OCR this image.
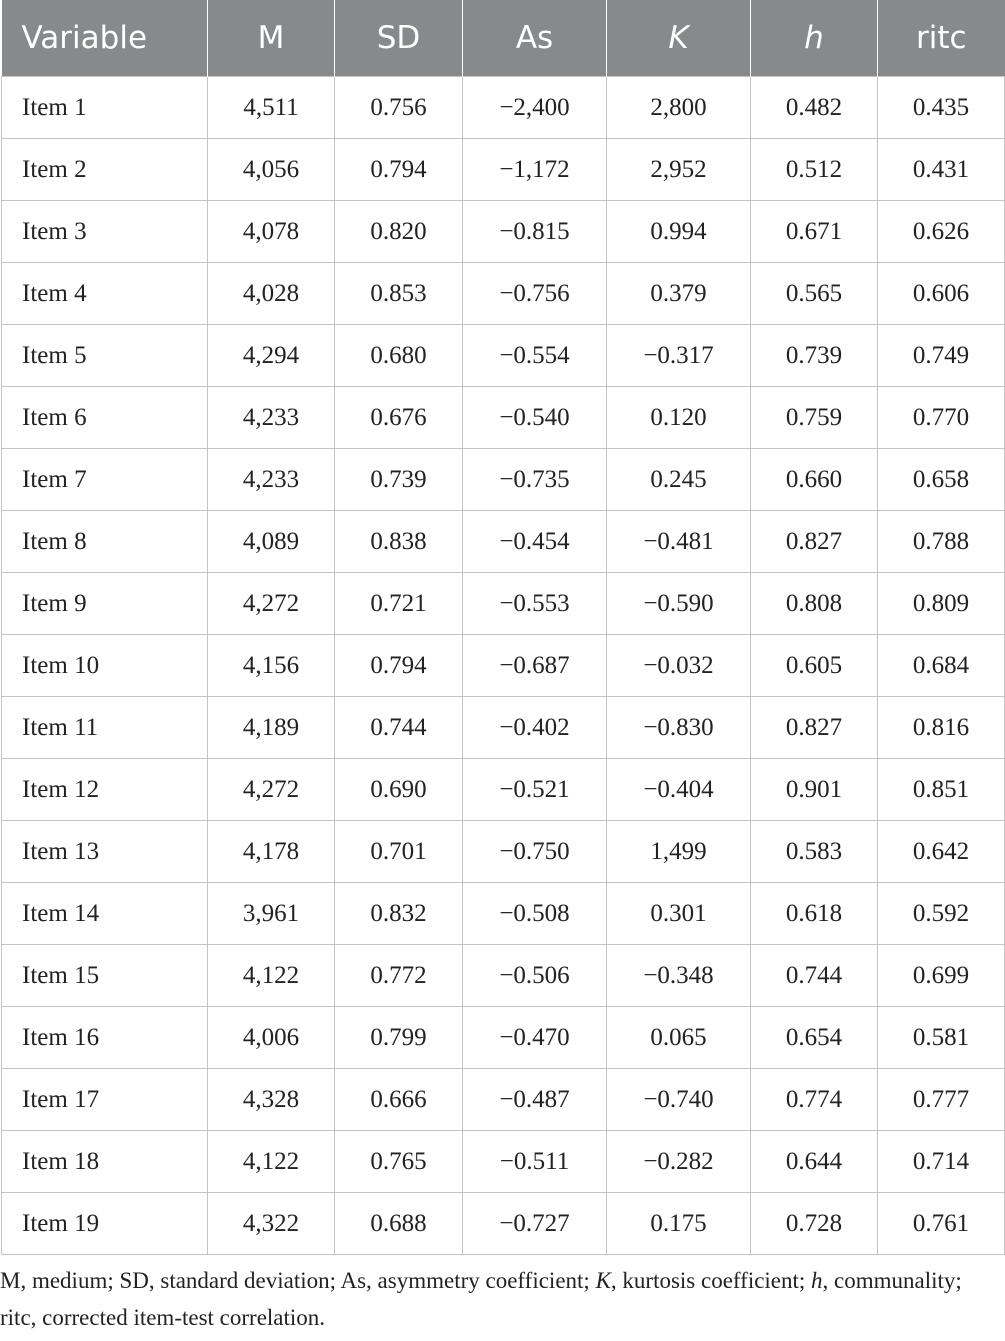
Variable	M	SD	As	K	h	ritc
Item 1	4,511	0.756	−2,400	2,800	0.482	0.435
Item 2	4,056	0.794	−1,172	2,952	0.512	0.431
Item 3	4,078	0.820	−0.815	0.994	0.671	0.626
Item 4	4,028	0.853	−0.756	0.379	0.565	0.606
Item 5	4,294	0.680	−0.554	−0.317	0.739	0.749
Item 6	4,233	0.676	−0.540	0.120	0.759	0.770
Item 7	4,233	0.739	−0.735	0.245	0.660	0.658
Item 8	4,089	0.838	−0.454	−0.481	0.827	0.788
Item 9	4,272	0.721	−0.553	−0.590	0.808	0.809
Item 10	4,156	0.794	−0.687	−0.032	0.605	0.684
Item 11	4,189	0.744	−0.402	−0.830	0.827	0.816
Item 12	4,272	0.690	−0.521	−0.404	0.901	0.851
Item 13	4,178	0.701	−0.750	1,499	0.583	0.642
Item 14	3,961	0.832	−0.508	0.301	0.618	0.592
Item 15	4,122	0.772	−0.506	−0.348	0.744	0.699
Item 16	4,006	0.799	−0.470	0.065	0.654	0.581
Item 17	4,328	0.666	−0.487	−0.740	0.774	0.777
Item 18	4,122	0.765	−0.511	−0.282	0.644	0.714
Item 19	4,322	0.688	−0.727	0.175	0.728	0.761
M, medium; SD, standard deviation; As, asymmetry coefficient; K, kurtosis coefficient; h, communality; ritc, corrected item-test correlation.
